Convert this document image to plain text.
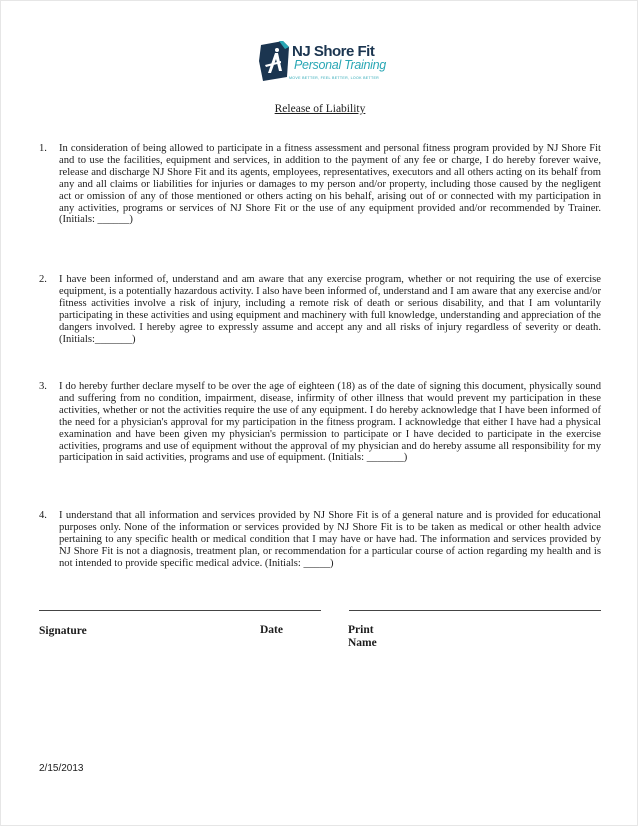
NJ Shore Fit
Personal Training
MOVE BETTER, FEEL BETTER, LOOK BETTER
Release of Liability
1. In consideration of being allowed to participate in a fitness assessment and personal fitness program provided by NJ Shore Fit and to use the facilities, equipment and services, in addition to the payment of any fee or charge, I do hereby forever waive, release and discharge NJ Shore Fit and its agents, employees, representatives, executors and all others acting on its behalf from any and all claims or liabilities for injuries or damages to my person and/or property, including those caused by the negligent act or omission of any of those mentioned or others acting on his behalf, arising out of or connected with my participation in any activities, programs or services of NJ Shore Fit or the use of any equipment provided and/or recommended by Trainer. (Initials: ______)
2. I have been informed of, understand and am aware that any exercise program, whether or not requiring the use of exercise equipment, is a potentially hazardous activity. I also have been informed of, understand and I am aware that any exercise and/or fitness activities involve a risk of injury, including a remote risk of death or serious disability, and that I am voluntarily participating in these activities and using equipment and machinery with full knowledge, understanding and appreciation of the dangers involved. I hereby agree to expressly assume and accept any and all risks of injury regardless of severity or death. (Initials:_______)
3. I do hereby further declare myself to be over the age of eighteen (18) as of the date of signing this document, physically sound and suffering from no condition, impairment, disease, infirmity of other illness that would prevent my participation in these activities, whether or not the activities require the use of any equipment. I do hereby acknowledge that I have been informed of the need for a physician's approval for my participation in the fitness program. I acknowledge that either I have had a physical examination and have been given my physician's permission to participate or I have decided to participate in the exercise activities, programs and use of equipment without the approval of my physician and do hereby assume all responsibility for my participation in said activities, programs and use of equipment. (Initials: _______)
4. I understand that all information and services provided by NJ Shore Fit is of a general nature and is provided for educational purposes only. None of the information or services provided by NJ Shore Fit is to be taken as medical or other health advice pertaining to any specific health or medical condition that I may have or have had. The information and services provided by NJ Shore Fit is not a diagnosis, treatment plan, or recommendation for a particular course of action regarding my health and is not intended to provide specific medical advice. (Initials: _____)
Signature	Date	Print
Name
2/15/2013
